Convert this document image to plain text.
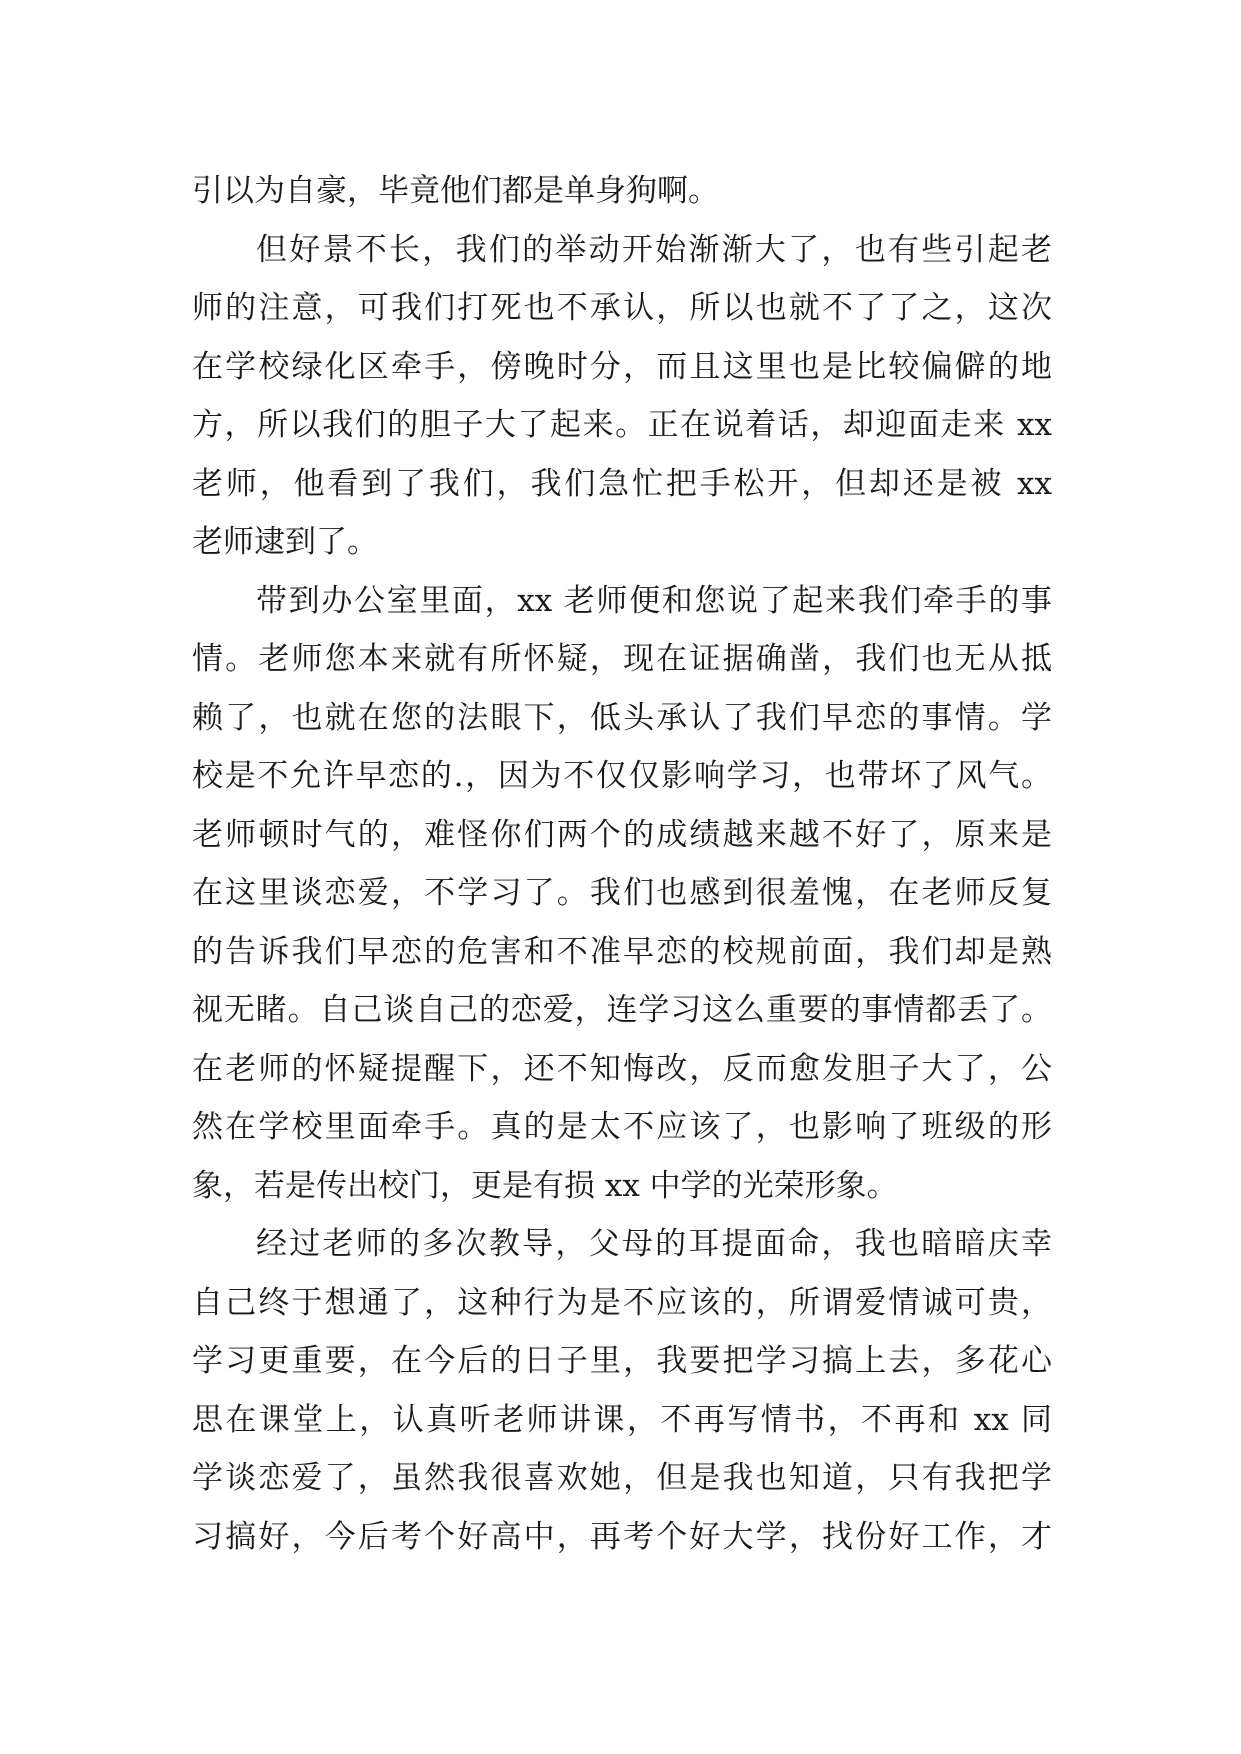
引以为自豪，毕竟他们都是单身狗啊。
但好景不长，我们的举动开始渐渐大了，也有些引起老
师的注意，可我们打死也不承认，所以也就不了了之，这次
在学校绿化区牵手，傍晚时分，而且这里也是比较偏僻的地
方，所以我们的胆子大了起来。正在说着话，却迎面走来 xx
老师，他看到了我们，我们急忙把手松开，但却还是被 xx
老师逮到了。
带到办公室里面，xx 老师便和您说了起来我们牵手的事
情。老师您本来就有所怀疑，现在证据确凿，我们也无从抵
赖了，也就在您的法眼下，低头承认了我们早恋的事情。学
校是不允许早恋的.，因为不仅仅影响学习，也带坏了风气。
老师顿时气的，难怪你们两个的成绩越来越不好了，原来是
在这里谈恋爱，不学习了。我们也感到很羞愧，在老师反复
的告诉我们早恋的危害和不准早恋的校规前面，我们却是熟
视无睹。自己谈自己的恋爱，连学习这么重要的事情都丢了。
在老师的怀疑提醒下，还不知悔改，反而愈发胆子大了，公
然在学校里面牵手。真的是太不应该了，也影响了班级的形
象，若是传出校门，更是有损 xx 中学的光荣形象。
经过老师的多次教导，父母的耳提面命，我也暗暗庆幸
自己终于想通了，这种行为是不应该的，所谓爱情诚可贵，
学习更重要，在今后的日子里，我要把学习搞上去，多花心
思在课堂上，认真听老师讲课，不再写情书，不再和 xx 同
学谈恋爱了，虽然我很喜欢她，但是我也知道，只有我把学
习搞好，今后考个好高中，再考个好大学，找份好工作，才
